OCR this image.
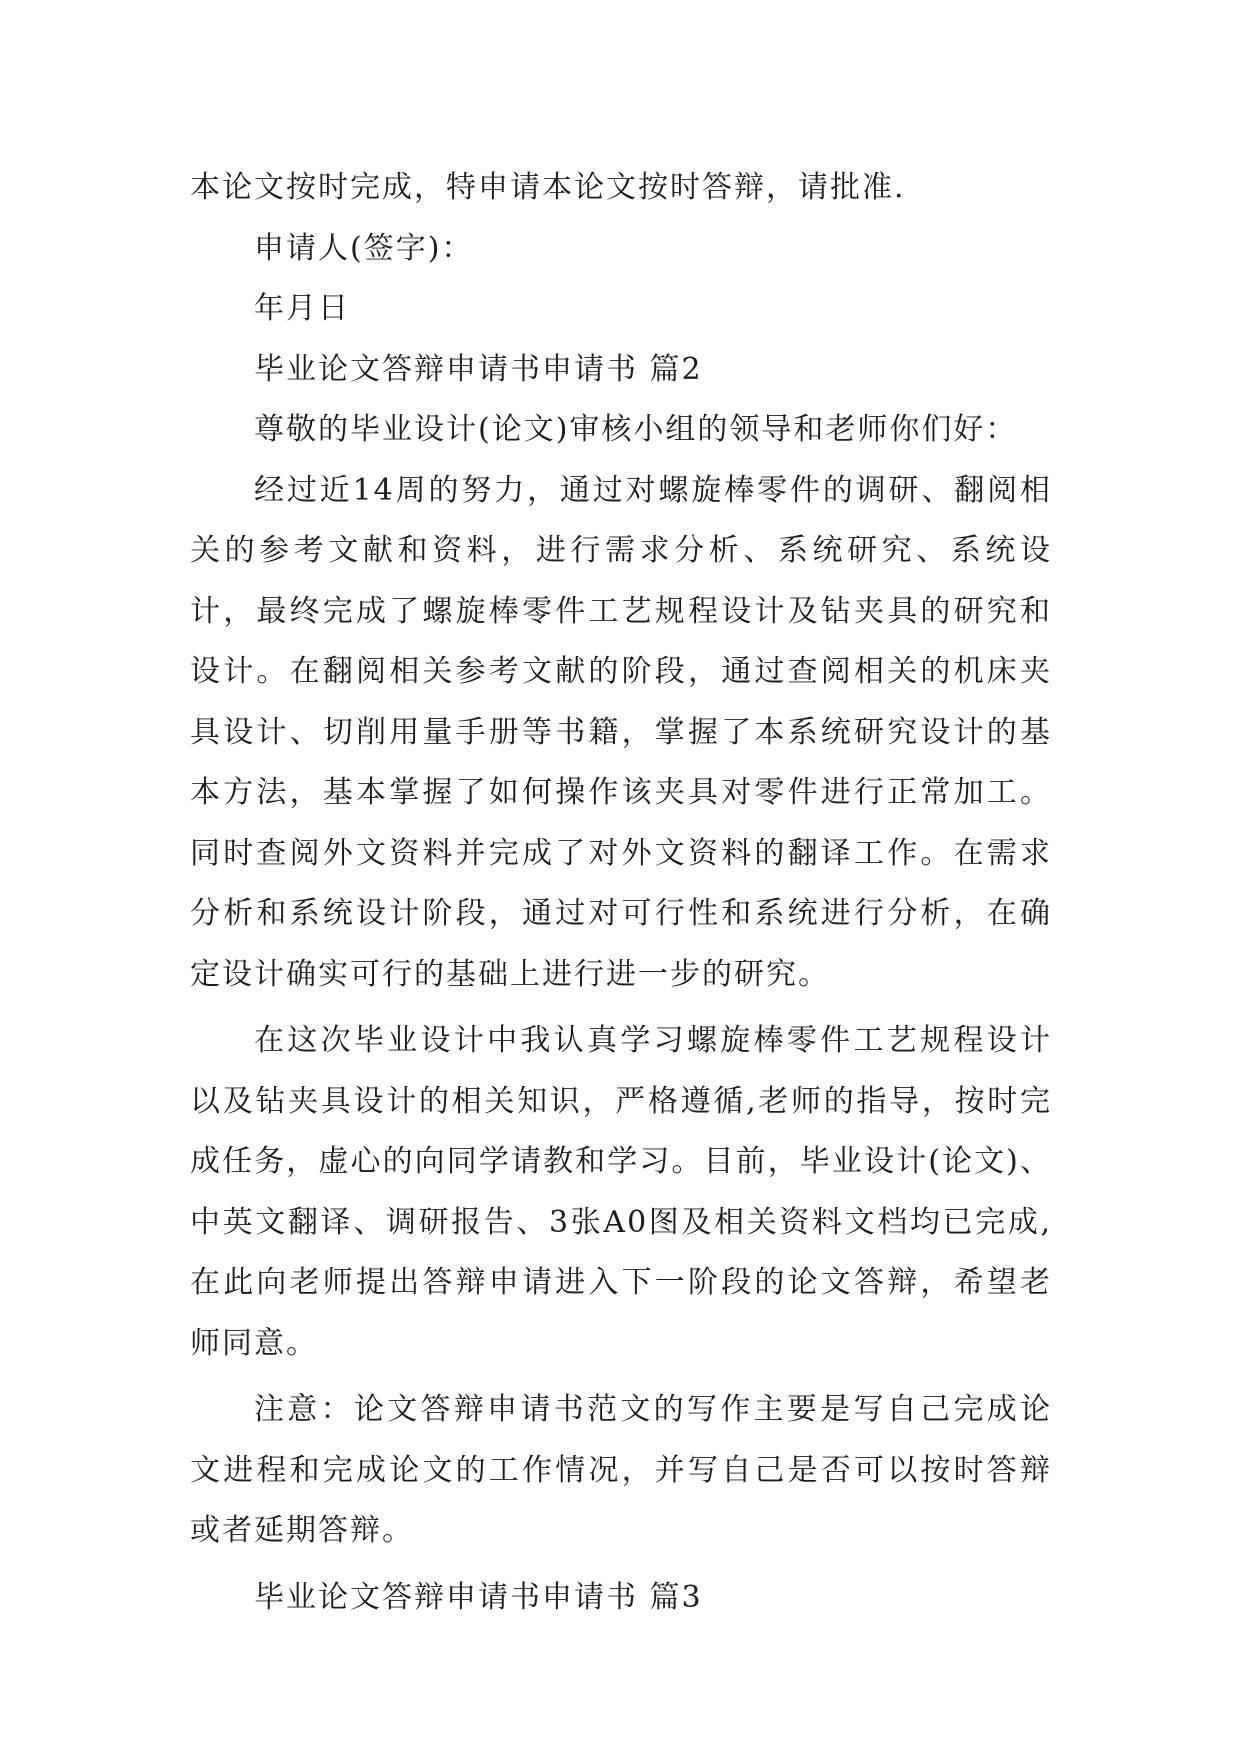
本论文按时完成，特申请本论文按时答辩，请批准.

申请人(签字)：

年月日

毕业论文答辩申请书申请书 篇2

尊敬的毕业设计(论文)审核小组的领导和老师你们好：

经过近14周的努力，通过对螺旋棒零件的调研、翻阅相关的参考文献和资料，进行需求分析、系统研究、系统设计，最终完成了螺旋棒零件工艺规程设计及钻夹具的研究和设计。在翻阅相关参考文献的阶段，通过查阅相关的机床夹具设计、切削用量手册等书籍，掌握了本系统研究设计的基本方法，基本掌握了如何操作该夹具对零件进行正常加工。同时查阅外文资料并完成了对外文资料的翻译工作。在需求分析和系统设计阶段，通过对可行性和系统进行分析，在确定设计确实可行的基础上进行进一步的研究。

在这次毕业设计中我认真学习螺旋棒零件工艺规程设计以及钻夹具设计的相关知识，严格遵循,老师的指导，按时完成任务，虚心的向同学请教和学习。目前，毕业设计(论文)、中英文翻译、调研报告、3张A0图及相关资料文档均已完成,在此向老师提出答辩申请进入下一阶段的论文答辩，希望老师同意。

注意：论文答辩申请书范文的写作主要是写自己完成论文进程和完成论文的工作情况，并写自己是否可以按时答辩或者延期答辩。

毕业论文答辩申请书申请书 篇3
